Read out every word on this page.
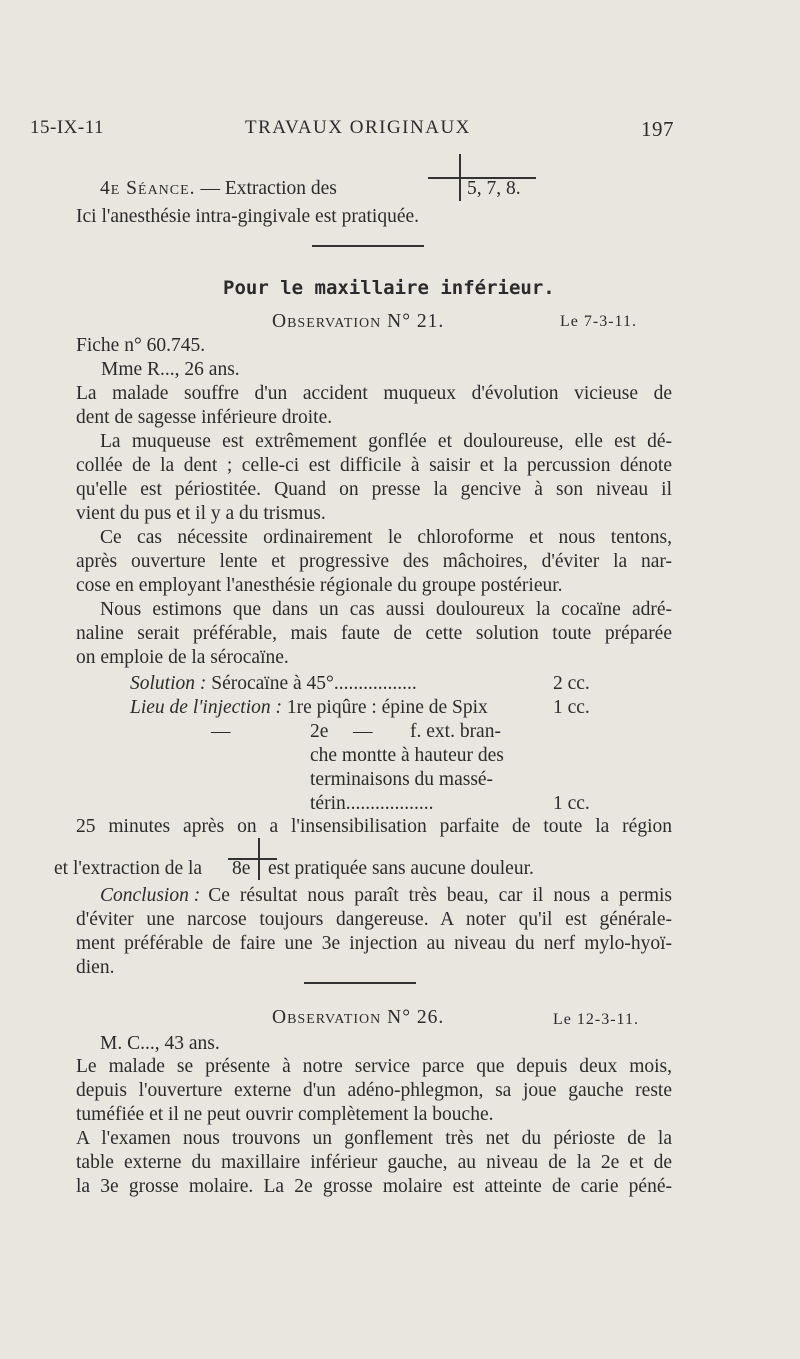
15-IX-11	TRAVAUX ORIGINAUX	197
4e Séance. — Extraction des	5, 7, 8.
Ici l'anesthésie intra-gingivale est pratiquée.
Pour le maxillaire inférieur.
Observation N° 21.	Le 7-3-11.
Fiche n° 60.745.
Mme R..., 26 ans.
La malade souffre d'un accident muqueux d'évolution vicieuse de
dent de sagesse inférieure droite.
La muqueuse est extrêmement gonflée et douloureuse, elle est dé-
collée de la dent ; celle-ci est difficile à saisir et la percussion dénote
qu'elle est périostitée. Quand on presse la gencive à son niveau il
vient du pus et il y a du trismus.
Ce cas nécessite ordinairement le chloroforme et nous tentons,
après ouverture lente et progressive des mâchoires, d'éviter la nar-
cose en employant l'anesthésie régionale du groupe postérieur.
Nous estimons que dans un cas aussi douloureux la cocaïne adré-
naline serait préférable, mais faute de cette solution toute préparée
on emploie de la sérocaïne.
Solution : Sérocaïne à 45°.................	2 cc.
Lieu de l'injection : 1re piqûre : épine de Spix	1 cc.
—	2e — f. ext. bran-
che montte à hauteur des
terminaisons du massé-
térin..................	1 cc.
25 minutes après on a l'insensibilisation parfaite de toute la région
et l'extraction de la 8e est pratiquée sans aucune douleur.
Conclusion : Ce résultat nous paraît très beau, car il nous a permis
d'éviter une narcose toujours dangereuse. A noter qu'il est générale-
ment préférable de faire une 3e injection au niveau du nerf mylo-hyoï-
dien.
Observation N° 26.	Le 12-3-11.
M. C..., 43 ans.
Le malade se présente à notre service parce que depuis deux mois,
depuis l'ouverture externe d'un adéno-phlegmon, sa joue gauche reste
tuméfiée et il ne peut ouvrir complètement la bouche.
A l'examen nous trouvons un gonflement très net du périoste de la
table externe du maxillaire inférieur gauche, au niveau de la 2e et de
la 3e grosse molaire. La 2e grosse molaire est atteinte de carie péné-
